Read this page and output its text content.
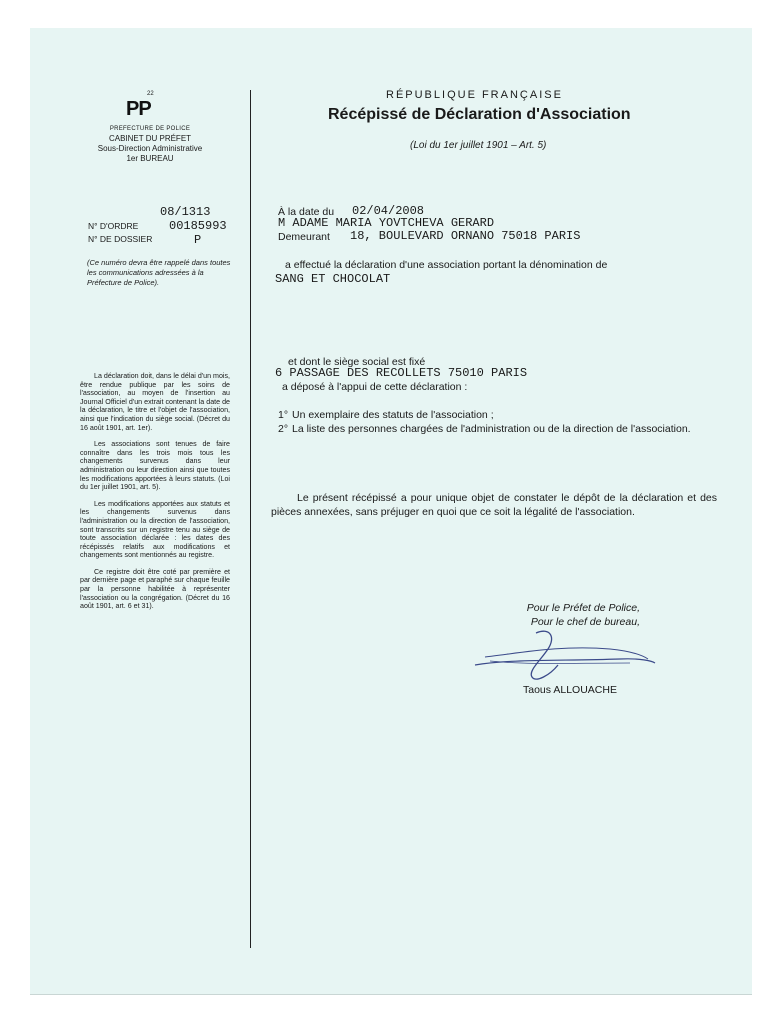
22
PP
PREFECTURE DE POLICE
CABINET DU PRÉFET
Sous-Direction Administrative
1er BUREAU
08/1313
N° D'ORDRE	00185993
N° DE DOSSIER	P
(Ce numéro devra être rappelé dans toutes les communications adressées à la Préfecture de Police).

La déclaration doit, dans le délai d'un mois, être rendue publique par les soins de l'association, au moyen de l'insertion au Journal Officiel d'un extrait contenant la date de la déclaration, le titre et l'objet de l'association, ainsi que l'indication du siège social. (Décret du 16 août 1901, art. 1er).

Les associations sont tenues de faire connaître dans les trois mois tous les changements survenus dans leur administration ou leur direction ainsi que toutes les modifications apportées à leurs statuts. (Loi du 1er juillet 1901, art. 5).

Les modifications apportées aux statuts et les changements survenus dans l'administration ou la direction de l'association, sont transcrits sur un registre tenu au siège de toute association déclarée : les dates des récépissés relatifs aux modifications et changements sont mentionnés au registre.

Ce registre doit être coté par première et par dernière page et paraphé sur chaque feuille par la personne habilitée à représenter l'association ou la congrégation. (Décret du 16 août 1901, art. 6 et 31).

RÉPUBLIQUE FRANÇAISE
Récépissé de Déclaration d'Association
(Loi du 1er juillet 1901 – Art. 5)
À la date du 02/04/2008
M ADAME MARIA YOVTCHEVA GERARD
Demeurant 18, BOULEVARD ORNANO 75018 PARIS
a effectué la déclaration d'une association portant la dénomination de
SANG ET CHOCOLAT
et dont le siège social est fixé
6 PASSAGE DES RECOLLETS 75010 PARIS
a déposé à l'appui de cette déclaration :
1° Un exemplaire des statuts de l'association ;
2° La liste des personnes chargées de l'administration ou de la direction de l'association.
Le présent récépissé a pour unique objet de constater le dépôt de la déclaration et des pièces annexées, sans préjuger en quoi que ce soit la légalité de l'association.
Pour le Préfet de Police,
Pour le chef de bureau,
Taous ALLOUACHE
